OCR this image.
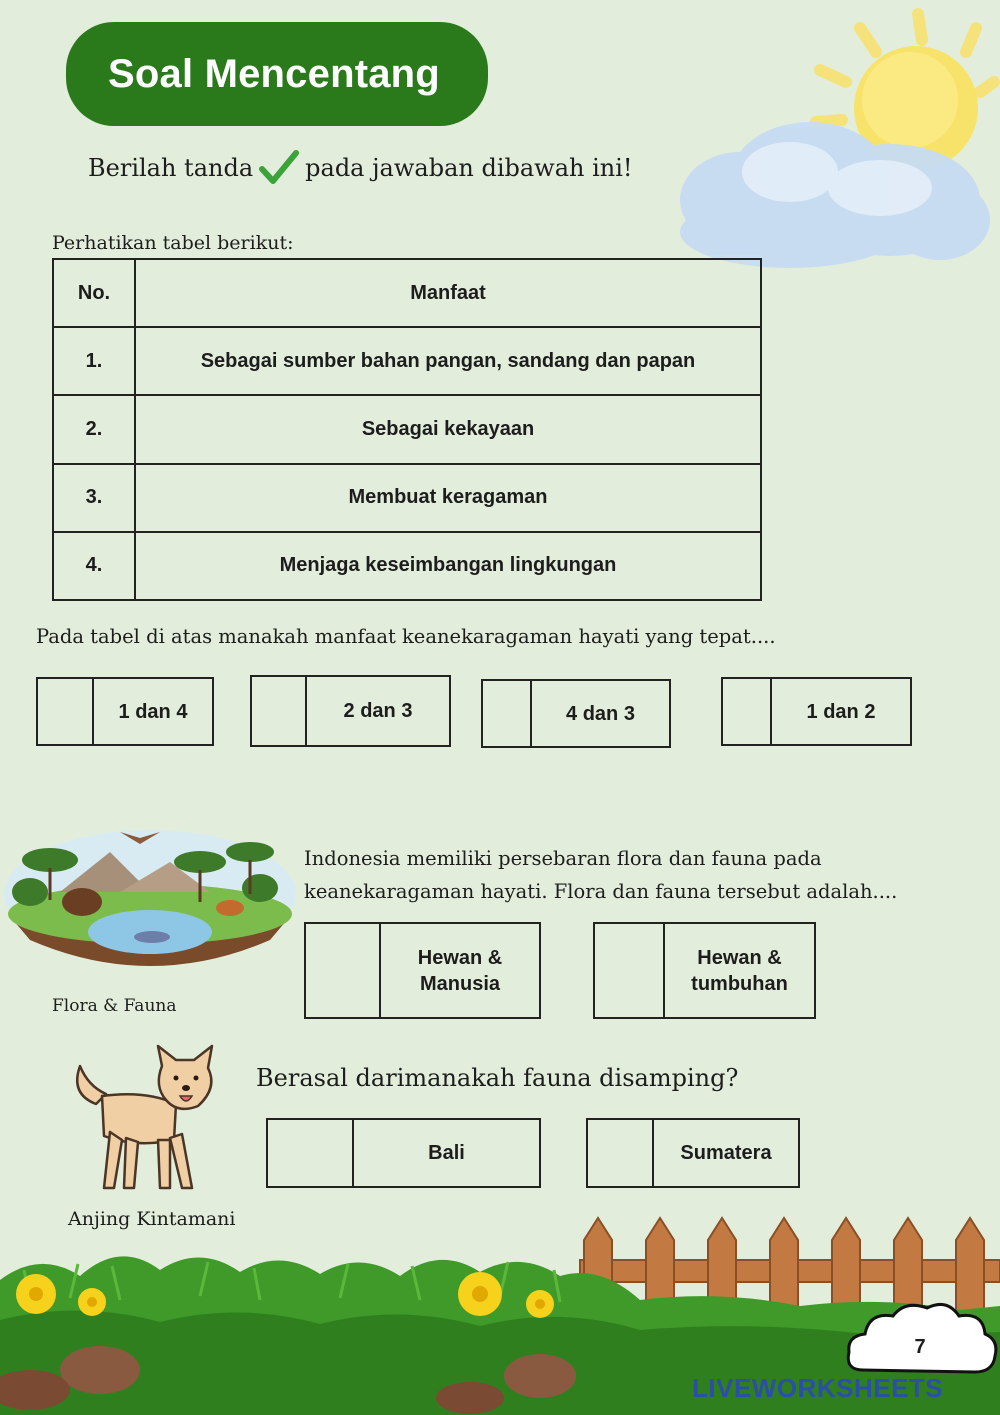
Soal Mencentang
Berilah tanda pada jawaban dibawah ini!
Perhatikan tabel berikut:
No.	Manfaat
1.	Sebagai sumber bahan pangan, sandang dan papan
2.	Sebagai kekayaan
3.	Membuat keragaman
4.	Menjaga keseimbangan lingkungan
Pada tabel di atas manakah manfaat keanekaragaman hayati yang tepat....
1 dan 4	2 dan 3	4 dan 3	1 dan 2
Flora & Fauna
Indonesia memiliki persebaran flora dan fauna pada
keanekaragaman hayati. Flora dan fauna tersebut adalah....
Hewan &
Manusia
Hewan &
tumbuhan
Anjing Kintamani
Berasal darimanakah fauna disamping?
Bali	Sumatera
7
LIVEWORKSHEETS
